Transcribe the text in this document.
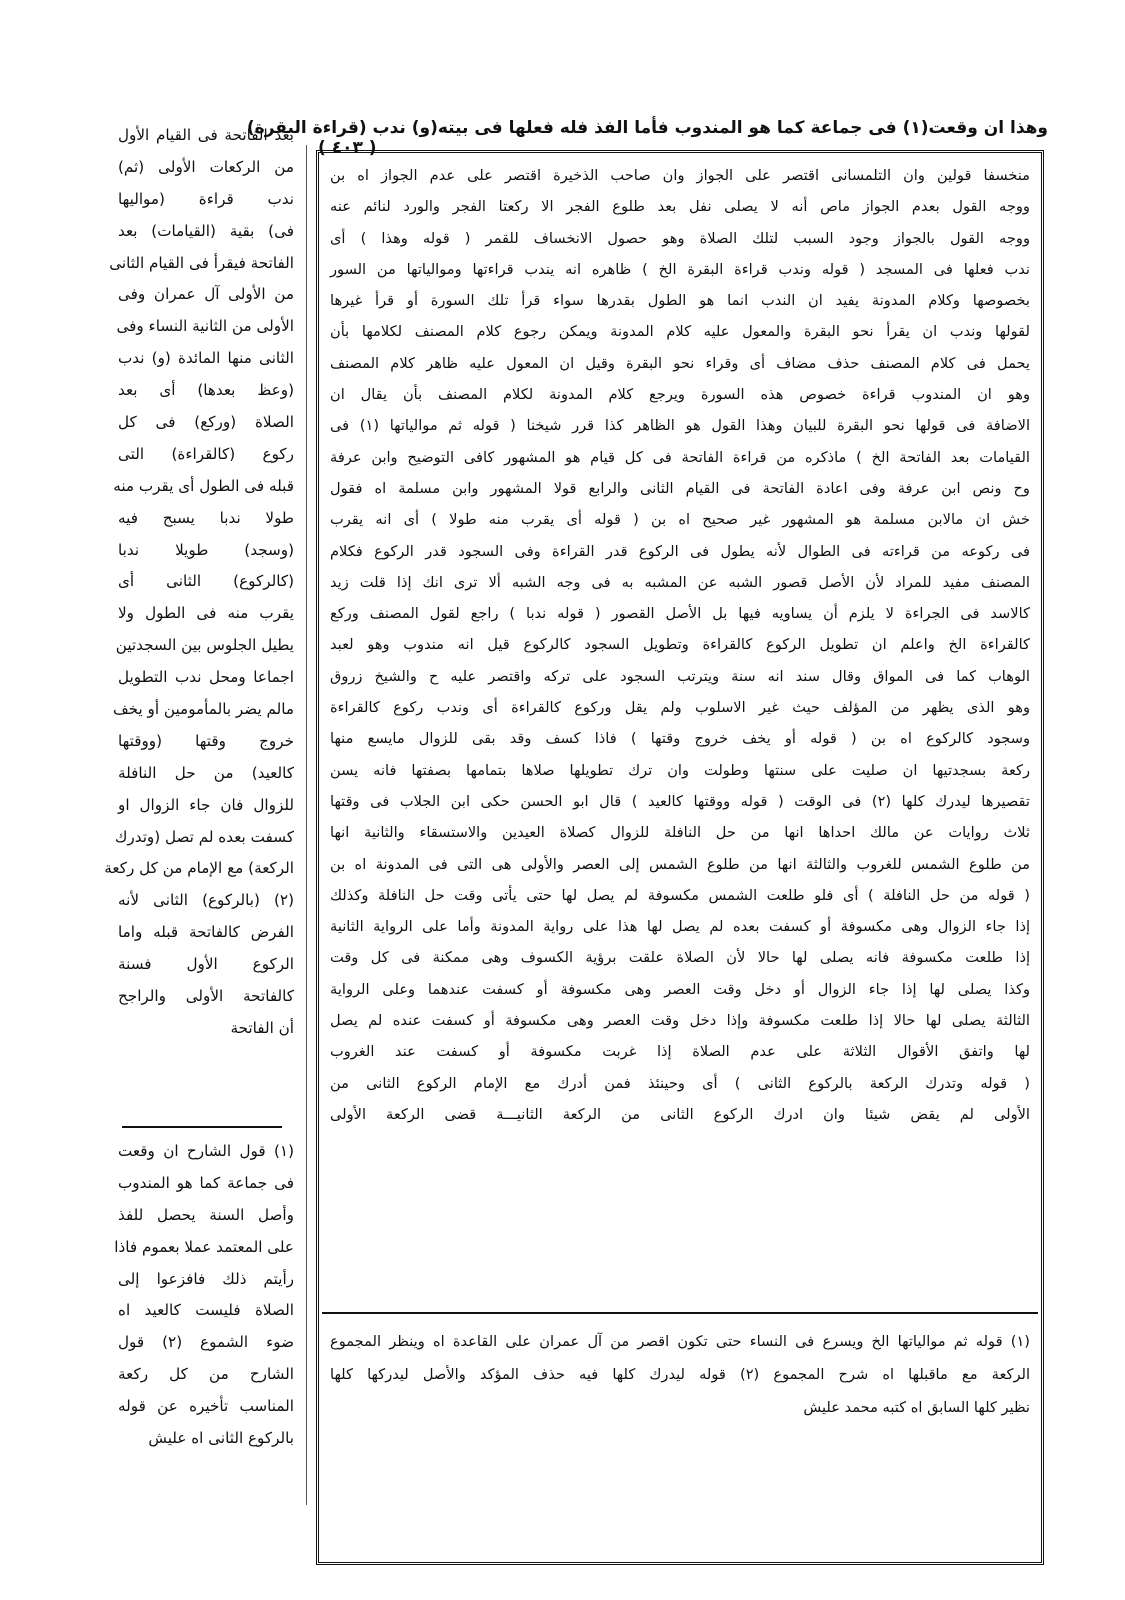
وهذا ان وقعت(١) فى جماعة كما هو المندوب فأما الفذ فله فعلها فى بيته(و) ندب (قراءة البقرة)
( ٤٠٣ )
منخسفا قولين وان التلمسانى اقتصر على الجواز وان صاحب الذخيرة اقتصر على عدم الجواز اه بن
ووجه القول بعدم الجواز ماص أنه لا يصلى نفل بعد طلوع الفجر الا ركعتا الفجر والورد لنائم عنه
ووجه القول بالجواز وجود السبب لتلك الصلاة وهو حصول الانخساف للقمر ( قوله وهذا ) أى
ندب فعلها فى المسجد ( قوله وندب قراءة البقرة الخ ) ظاهره انه يندب قراءتها وموالياتها من السور
بخصوصها وكلام المدونة يفيد ان الندب انما هو الطول بقدرها سواء قرأ تلك السورة أو قرأ غيرها
لقولها وندب ان يقرأ نحو البقرة والمعول عليه كلام المدونة ويمكن رجوع كلام المصنف لكلامها بأن
يحمل فى كلام المصنف حذف مضاف أى وقراء نحو البقرة وقيل ان المعول عليه ظاهر كلام المصنف
وهو ان المندوب قراءة خصوص هذه السورة ويرجع كلام المدونة لكلام المصنف بأن يقال ان
الاضافة فى قولها نحو البقرة للبيان وهذا القول هو الظاهر كذا قرر شيخنا ( قوله ثم موالياتها (١) فى
القيامات بعد الفاتحة الخ ) ماذكره من قراءة الفاتحة فى كل قيام هو المشهور كافى التوضيح وابن عرفة
وح ونص ابن عرفة وفى اعادة الفاتحة فى القيام الثانى والرابع قولا المشهور وابن مسلمة اه فقول
خش ان مالابن مسلمة هو المشهور غير صحيح اه بن ( قوله أى يقرب منه طولا ) أى انه يقرب
فى ركوعه من قراءته فى الطوال لأنه يطول فى الركوع قدر القراءة وفى السجود قدر الركوع فكلام
المصنف مفيد للمراد لأن الأصل قصور الشبه عن المشبه به فى وجه الشبه ألا ترى انك إذا قلت زيد
كالاسد فى الجراءة لا يلزم أن يساويه فيها بل الأصل القصور ( قوله ندبا ) راجع لقول المصنف وركع
كالقراءة الخ واعلم ان تطويل الركوع كالقراءة وتطويل السجود كالركوع قيل انه مندوب وهو لعبد
الوهاب كما فى المواق وقال سند انه سنة ويترتب السجود على تركه واقتصر عليه ح والشيخ زروق
وهو الذى يظهر من المؤلف حيث غير الاسلوب ولم يقل وركوع كالقراءة أى وندب ركوع كالقراءة
وسجود كالركوع اه بن ( قوله أو يخف خروج وقتها ) فاذا كسف وقد بقى للزوال مايسع منها
ركعة بسجدتيها ان صليت على سنتها وطولت وان ترك تطويلها صلاها بتمامها بصفتها فانه يسن
تقصيرها ليدرك كلها (٢) فى الوقت ( قوله ووقتها كالعيد ) قال ابو الحسن حكى ابن الجلاب فى وقتها
ثلاث روايات عن مالك احداها انها من حل النافلة للزوال كصلاة العيدين والاستسقاء والثانية انها
من طلوع الشمس للغروب والثالثة انها من طلوع الشمس إلى العصر والأولى هى التى فى المدونة اه بن
( قوله من حل النافلة ) أى فلو طلعت الشمس مكسوفة لم يصل لها حتى يأتى وقت حل النافلة وكذلك
إذا جاء الزوال وهى مكسوفة أو كسفت بعده لم يصل لها هذا على رواية المدونة وأما على الرواية الثانية
إذا طلعت مكسوفة فانه يصلى لها حالا لأن الصلاة علقت برؤية الكسوف وهى ممكنة فى كل وقت
وكذا يصلى لها إذا جاء الزوال أو دخل وقت العصر وهى مكسوفة أو كسفت عندهما وعلى الرواية
الثالثة يصلى لها حالا إذا طلعت مكسوفة وإذا دخل وقت العصر وهى مكسوفة أو كسفت عنده لم يصل
لها واتفق الأقوال الثلاثة على عدم الصلاة إذا غربت مكسوفة أو كسفت عند الغروب
( قوله وتدرك الركعة بالركوع الثانى ) أى وحينئذ فمن أدرك مع الإمام الركوع الثانى من
الأولى لم يقض شيئا وان ادرك الركوع الثانى من الركعة الثانيـــة قضى الركعة الأولى
(١) قوله ثم موالياتها الخ ويسرع فى النساء حتى تكون اقصر من آل عمران على القاعدة اه وينظر المجموع
الركعة مع ماقبلها اه شرح المجموع (٢) قوله ليدرك كلها فيه حذف المؤكد والأصل ليدركها كلها
نظير كلها السابق اه كتبه محمد عليش
بعد الفاتحة فى القيام الأول
من الركعات الأولى (ثم)
ندب قراءة (مواليها
فى) بقية (القيامات) بعد
الفاتحة فيقرأ فى القيام الثانى
من الأولى آل عمران وفى
الأولى من الثانية النساء وفى
الثانى منها المائدة (و) ندب
(وعظ بعدها) أى بعد
الصلاة (وركع) فى كل
ركوع (كالقراءة) التى
قبله فى الطول أى يقرب منه
طولا ندبا يسبح فيه
(وسجد) طويلا ندبا
(كالركوع) الثانى أى
يقرب منه فى الطول ولا
يطيل الجلوس بين السجدتين
اجماعا ومحل ندب التطويل
مالم يضر بالمأمومين أو يخف
خروج وقتها (ووقتها
كالعيد) من حل النافلة
للزوال فان جاء الزوال او
كسفت بعده لم تصل (وتدرك
الركعة) مع الإمام من كل ركعة
(٢) (بالركوع) الثانى لأنه
الفرض كالفاتحة قبله واما
الركوع الأول فسنة
كالفاتحة الأولى والراجح
أن الفاتحة
(١) قول الشارح ان وقعت
فى جماعة كما هو المندوب
وأصل السنة يحصل للفذ
على المعتمد عملا بعموم فاذا
رأيتم ذلك فافزعوا إلى
الصلاة فليست كالعيد اه
ضوء الشموع (٢) قول
الشارح من كل ركعة
المناسب تأخيره عن قوله
بالركوع الثانى اه عليش
